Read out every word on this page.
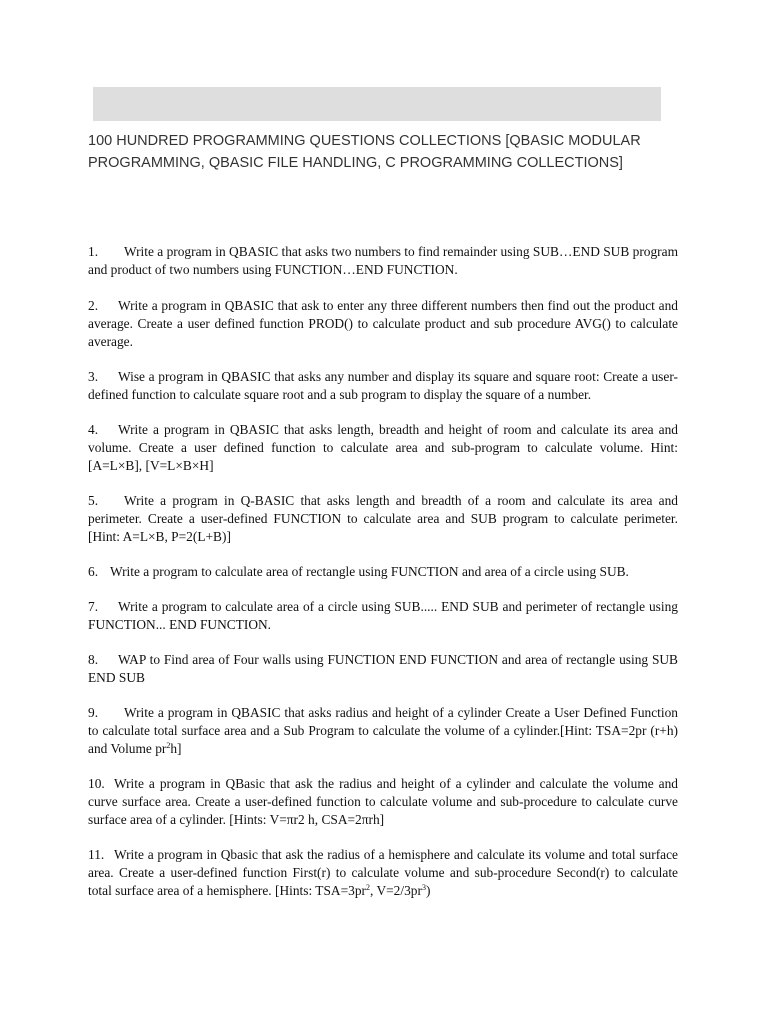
100 HUNDRED PROGRAMMING QUESTIONS COLLECTIONS [QBASIC MODULAR PROGRAMMING, QBASIC FILE HANDLING, C PROGRAMMING COLLECTIONS]
1. Write a program in QBASIC that asks two numbers to find remainder using SUB…END SUB program and product of two numbers using FUNCTION…END FUNCTION.
2. Write a program in QBASIC that ask to enter any three different numbers then find out the product and average. Create a user defined function PROD() to calculate product and sub procedure AVG() to calculate average.
3. Wise a program in QBASIC that asks any number and display its square and square root: Create a user- defined function to calculate square root and a sub program to display the square of a number.
4. Write a program in QBASIC that asks length, breadth and height of room and calculate its area and volume. Create a user defined function to calculate area and sub-program to calculate volume. Hint: [A=L×B], [V=L×B×H]
5. Write a program in Q-BASIC that asks length and breadth of a room and calculate its area and perimeter. Create a user-defined FUNCTION to calculate area and SUB program to calculate perimeter. [Hint: A=L×B, P=2(L+B)]
6. Write a program to calculate area of rectangle using FUNCTION and area of a circle using SUB.
7. Write a program to calculate area of a circle using SUB..... END SUB and perimeter of rectangle using FUNCTION... END FUNCTION.
8. WAP to Find area of Four walls using FUNCTION END FUNCTION and area of rectangle using SUB END SUB
9. Write a program in QBASIC that asks radius and height of a cylinder Create a User Defined Function to calculate total surface area and a Sub Program to calculate the volume of a cylinder.[Hint: TSA=2pr (r+h) and Volume $pr^2h$]
10. Write a program in QBasic that ask the radius and height of a cylinder and calculate the volume and curve surface area. Create a user-defined function to calculate volume and sub-procedure to calculate curve surface area of a cylinder. [Hints: V=πr2 h, CSA=2πrh]
11. Write a program in Qbasic that ask the radius of a hemisphere and calculate its volume and total surface area. Create a user-defined function First(r) to calculate volume and sub-procedure Second(r) to calculate total surface area of a hemisphere. [Hints: $TSA=3pr^2$, $V=2/3pr^3$)
